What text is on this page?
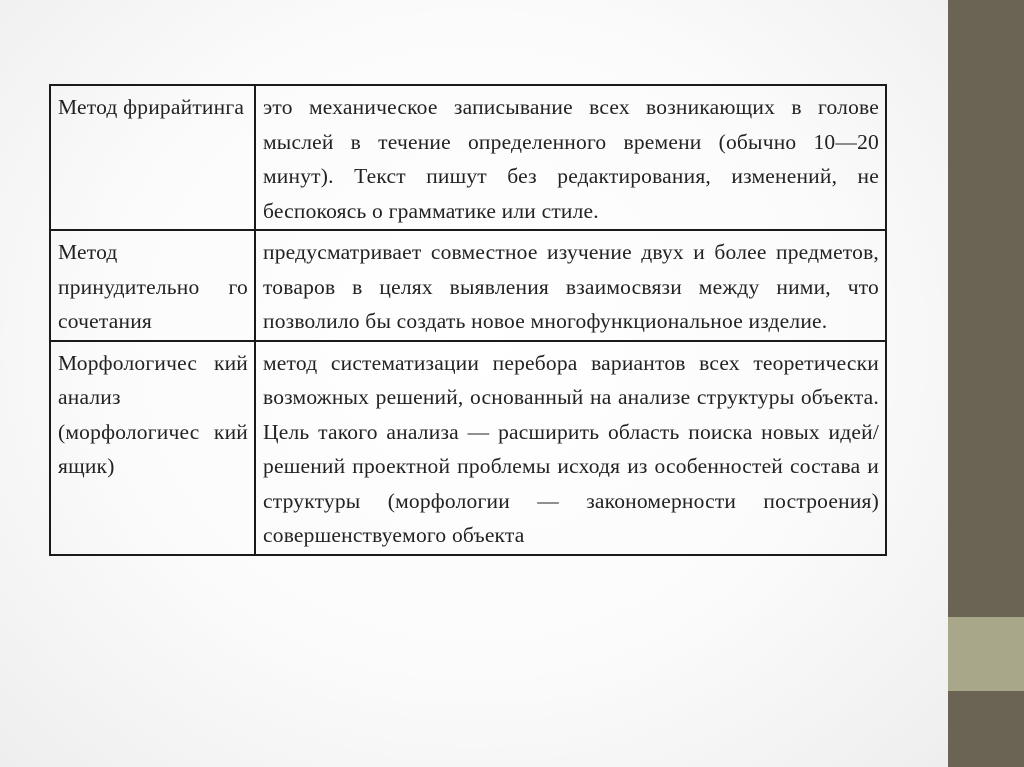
Метод фрирайтинга	это механическое записывание всех возникающих в голове мыслей в течение определенного времени (обычно 10—20 минут). Текст пишут без редактирования, изменений, не беспокоясь о грамматике или стиле.
Метод принудительно го сочетания	предусматривает совместное изучение двух и более предметов, товаров в целях выявления взаимосвязи между ними, что позволило бы создать новое многофункциональное изделие.
Морфологичес кий анализ (морфологичес кий ящик)	метод систематизации перебора вариантов всех теоретически возможных решений, основанный на анализе структуры объекта. Цель такого анализа — расширить область поиска новых идей/решений проектной проблемы исходя из особенностей состава и структуры (морфологии — закономерности построения) совершенствуемого объекта
